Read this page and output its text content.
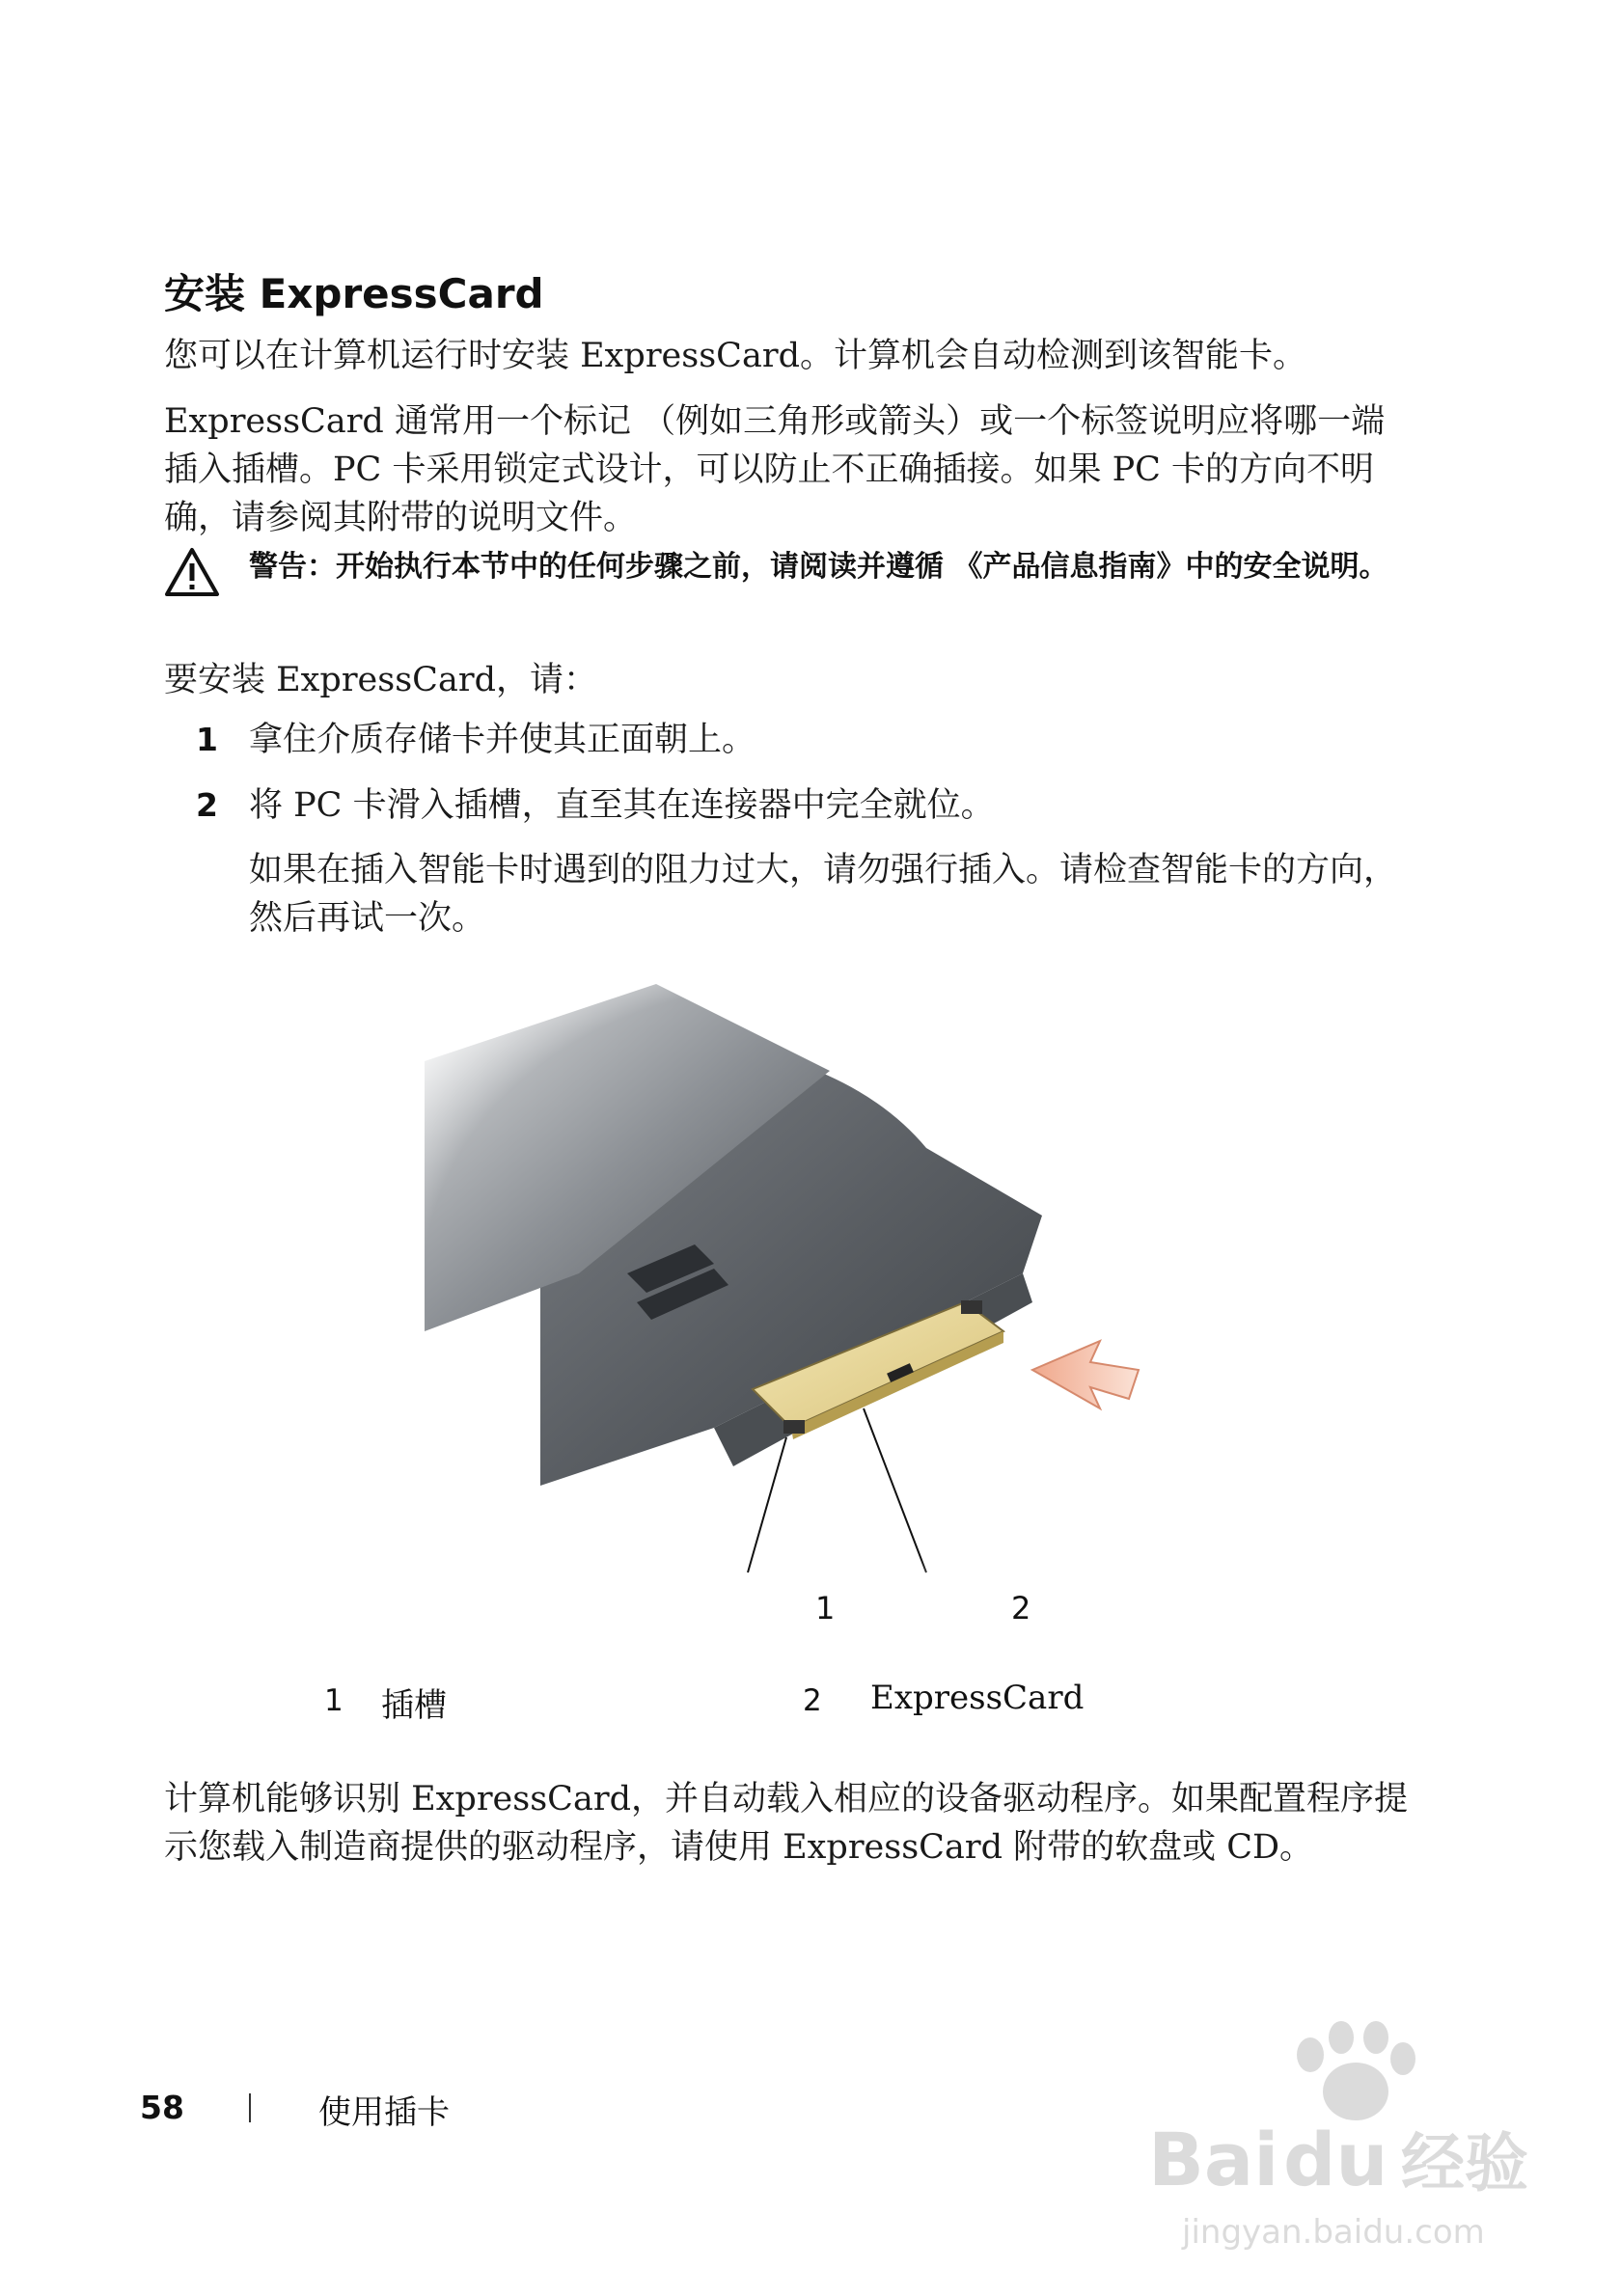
安装 ExpressCard
您可以在计算机运行时安装 ExpressCard。计算机会自动检测到该智能卡。
ExpressCard 通常用一个标记 （例如三角形或箭头）或一个标签说明应将哪一端插入插槽。PC 卡采用锁定式设计，可以防止不正确插接。如果 PC 卡的方向不明确，请参阅其附带的说明文件。
警告：开始执行本节中的任何步骤之前，请阅读并遵循 《产品信息指南》中的安全说明。
要安装 ExpressCard，请：
1 拿住介质存储卡并使其正面朝上。
2 将 PC 卡滑入插槽，直至其在连接器中完全就位。
如果在插入智能卡时遇到的阻力过大，请勿强行插入。请检查智能卡的方向，然后再试一次。
1	2
1 插槽	2 ExpressCard
计算机能够识别 ExpressCard，并自动载入相应的设备驱动程序。如果配置程序提示您载入制造商提供的驱动程序，请使用 ExpressCard 附带的软盘或 CD。
58	使用插卡
Bai du 经验
jingyan.baidu.com
